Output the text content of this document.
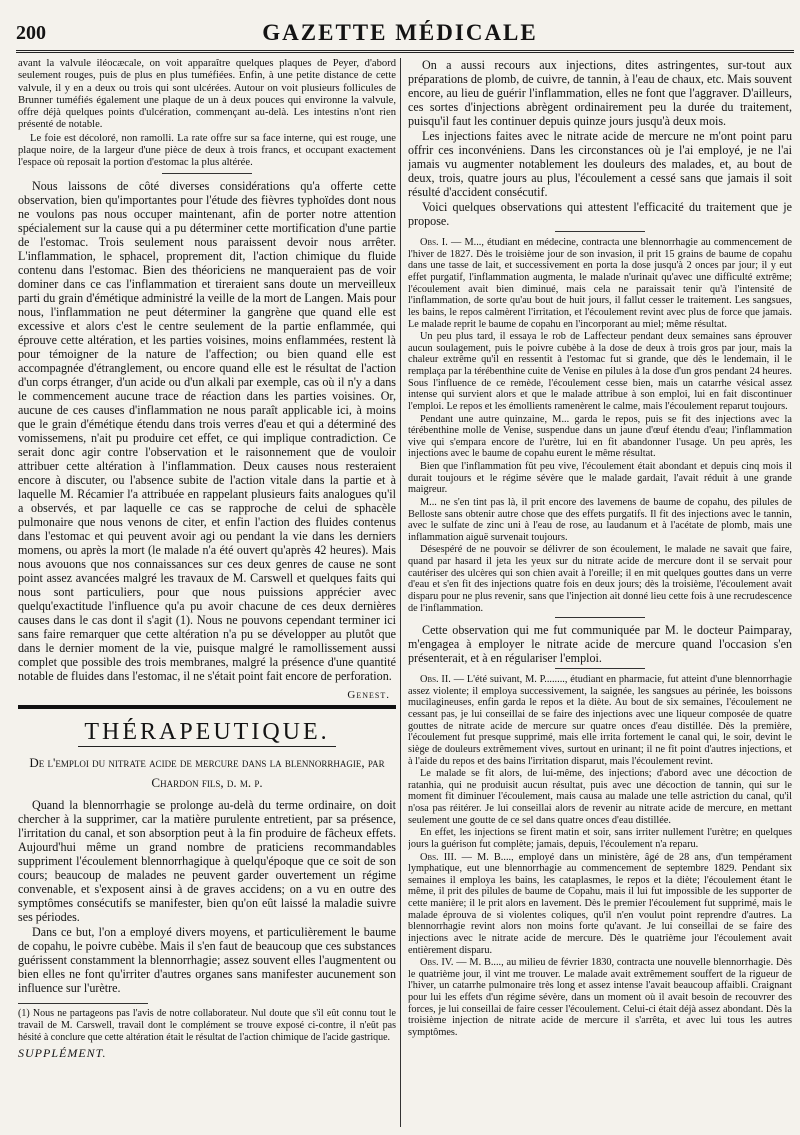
200	GAZETTE MÉDICALE

avant la valvule iléocæcale, on voit apparaître quelques plaques de Peyer, d'abord seulement rouges, puis de plus en plus tuméfiées. Enfin, à une petite distance de cette valvule, il y en a deux ou trois qui sont ulcérées. Autour on voit plusieurs follicules de Brunner tuméfiés également une plaque de un à deux pouces qui environne la valvule, offre déjà quelques points d'ulcération, commençant au-delà. Les intestins n'ont rien présenté de notable.

Le foie est décoloré, non ramolli. La rate offre sur sa face interne, qui est rouge, une plaque noire, de la largeur d'une pièce de deux à trois francs, et occupant exactement l'espace où reposait la portion d'estomac la plus altérée.

Nous laissons de côté diverses considérations qu'a offerte cette observation, bien qu'importantes pour l'étude des fièvres typhoïdes dont nous ne voulons pas nous occuper maintenant, afin de porter notre attention spécialement sur la cause qui a pu déterminer cette mortification d'une partie de l'estomac. Trois seulement nous paraissent devoir nous arrêter. L'inflammation, le sphacel, proprement dit, l'action chimique du fluide contenu dans l'estomac. Bien des théoriciens ne manqueraient pas de voir dominer dans ce cas l'inflammation et tireraient sans doute un merveilleux parti du grain d'émétique administré la veille de la mort de Langen. Mais pour nous, l'inflammation ne peut déterminer la gangrène que quand elle est excessive et alors c'est le centre seulement de la partie enflammée, qui éprouve cette altération, et les parties voisines, moins enflammées, restent là pour témoigner de la nature de l'affection; ou bien quand elle est accompagnée d'étranglement, ou encore quand elle est le résultat de l'action d'un corps étranger, d'un acide ou d'un alkali par exemple, cas où il n'y a dans le commencement aucune trace de réaction dans les parties voisines. Or, aucune de ces causes d'inflammation ne nous paraît applicable ici, à moins que le grain d'émétique étendu dans trois verres d'eau et qui a déterminé des vomissemens, n'ait pu produire cet effet, ce qui implique contradiction. Ce serait donc agir contre l'observation et le raisonnement que de vouloir attribuer cette altération à l'inflammation. Deux causes nous resteraient encore à discuter, ou l'absence subite de l'action vitale dans la partie et à laquelle M. Récamier l'a attribuée en rappelant plusieurs faits analogues qu'il a observés, et par laquelle ce cas se rapproche de celui de sphacèle pulmonaire que nous venons de citer, et enfin l'action des fluides contenus dans l'estomac et qui peuvent avoir agi ou pendant la vie dans les derniers momens, ou après la mort (le malade n'a été ouvert qu'après 42 heures). Mais nous avouons que nos connaissances sur ces deux genres de cause ne sont point assez avancées malgré les travaux de M. Carswell et quelques faits qui nous sont particuliers, pour que nous puissions apprécier avec quelqu'exactitude l'influence qu'a pu avoir chacune de ces deux dernières causes dans le cas dont il s'agit (1). Nous ne pouvons cependant terminer ici sans faire remarquer que cette altération n'a pu se développer au plutôt que dans le dernier moment de la vie, puisque malgré le ramollissement aussi complet que possible des trois membranes, malgré la présence d'une quantité notable de fluides dans l'estomac, il ne s'était point fait encore de perforation.

Genest.
THÉRAPEUTIQUE.
De l'emploi du nitrate acide de mercure dans la blennorrhagie, par Chardon fils, d. m. p.

Quand la blennorrhagie se prolonge au-delà du terme ordinaire, on doit chercher à la supprimer, car la matière purulente entretient, par sa présence, l'irritation du canal, et son absorption peut à la fin produire de fâcheux effets. Aujourd'hui même un grand nombre de praticiens recommandables suppriment l'écoulement blennorrhagique à quelqu'époque que ce soit de son cours; beaucoup de malades ne peuvent garder ouvertement un régime convenable, et s'exposent ainsi à de graves accidens; on a vu en outre des symptômes consécutifs se manifester, bien qu'on eût laissé la maladie suivre ses périodes.

Dans ce but, l'on a employé divers moyens, et particulièrement le baume de copahu, le poivre cubèbe. Mais il s'en faut de beaucoup que ces substances guérissent constamment la blennorrhagie; assez souvent elles l'augmentent ou bien elles ne font qu'irriter d'autres organes sans manifester aucunement son influence sur l'urètre.

(1) Nous ne partageons pas l'avis de notre collaborateur. Nul doute que s'il eût connu tout le travail de M. Carswell, travail dont le complément se trouve exposé ci-contre, il n'eût pas hésité à conclure que cette altération était le résultat de l'action chimique de l'acide gastrique.

SUPPLÉMENT.

On a aussi recours aux injections, dites astringentes, sur-tout aux préparations de plomb, de cuivre, de tannin, à l'eau de chaux, etc. Mais souvent encore, au lieu de guérir l'inflammation, elles ne font que l'aggraver. D'ailleurs, ces sortes d'injections abrègent ordinairement peu la durée du traitement, puisqu'il faut les continuer depuis quinze jours jusqu'à deux mois.

Les injections faites avec le nitrate acide de mercure ne m'ont point paru offrir ces inconvéniens. Dans les circonstances où je l'ai employé, je ne l'ai jamais vu augmenter notablement les douleurs des malades, et, au bout de deux, trois, quatre jours au plus, l'écoulement a cessé sans que jamais il soit résulté d'accident consécutif.

Voici quelques observations qui attestent l'efficacité du traitement que je propose.

Obs. I. — M..., étudiant en médecine, contracta une blennorrhagie au commencement de l'hiver de 1827. Dès le troisième jour de son invasion, il prit 15 grains de baume de copahu dans une tasse de lait, et successivement en porta la dose jusqu'à 2 onces par jour; il y eut effet purgatif, l'inflammation augmenta, le malade n'urinait qu'avec une difficulté extrême; l'écoulement avait bien diminué, mais cela ne paraissait tenir qu'à l'intensité de l'inflammation, de sorte qu'au bout de huit jours, il fallut cesser le traitement. Les sangsues, les bains, le repos calmèrent l'irritation, et l'écoulement revint avec plus de force que jamais. Le malade reprit le baume de copahu en l'incorporant au miel; même résultat.

Un peu plus tard, il essaya le rob de Laffecteur pendant deux semaines sans éprouver aucun soulagement, puis le poivre cubèbe à la dose de deux à trois gros par jour, mais la chaleur extrême qu'il en ressentit à l'estomac fut si grande, que dès le lendemain, il le remplaça par la térébenthine cuite de Venise en pilules à la dose d'un gros pendant 24 heures. Sous l'influence de ce remède, l'écoulement cesse bien, mais un catarrhe vésical assez intense qui survient alors et que le malade attribue à son emploi, lui en fait discontinuer l'emploi. Le repos et les émollients ramenèrent le calme, mais l'écoulement reparut toujours.

Pendant une autre quinzaine, M... garda le repos, puis se fit des injections avec la térébenthine molle de Venise, suspendue dans un jaune d'œuf étendu d'eau; l'inflammation vive qui s'empara encore de l'urètre, lui en fit abandonner l'usage. Un peu après, les injections avec le baume de copahu eurent le même résultat.

Bien que l'inflammation fût peu vive, l'écoulement était abondant et depuis cinq mois il durait toujours et le régime sévère que le malade gardait, l'avait réduit à une grande maigreur.

M... ne s'en tint pas là, il prit encore des lavemens de baume de copahu, des pilules de Belloste sans obtenir autre chose que des effets purgatifs. Il fit des injections avec le tannin, avec le sulfate de zinc uni à l'eau de rose, au laudanum et à l'acétate de plomb, mais une inflammation aiguë survenait toujours.

Désespéré de ne pouvoir se délivrer de son écoulement, le malade ne savait que faire, quand par hasard il jeta les yeux sur du nitrate acide de mercure dont il se servait pour cautériser des ulcères qui son chien avait à l'oreille; il en mit quelques gouttes dans un verre d'eau et s'en fit des injections quatre fois en deux jours; dès la troisième, l'écoulement avait disparu pour ne plus revenir, sans que l'injection ait donné lieu cette fois à une recrudescence de l'inflammation.

Cette observation qui me fut communiquée par M. le docteur Paimparay, m'engagea à employer le nitrate acide de mercure quand l'occasion s'en présenterait, et à en régulariser l'emploi.

Obs. II. — L'été suivant, M. P........, étudiant en pharmacie, fut atteint d'une blennorrhagie assez violente; il employa successivement, la saignée, les sangsues au périnée, les boissons mucilagineuses, enfin garda le repos et la diète. Au bout de six semaines, l'écoulement ne cessant pas, je lui conseillai de se faire des injections avec une liqueur composée de quatre gouttes de nitrate acide de mercure sur quatre onces d'eau distillée. Dès la première, l'écoulement fut presque supprimé, mais elle irrita fortement le canal qui, le soir, devint le siège de douleurs extrêmement vives, surtout en urinant; il ne fit point d'autres injections, et à l'aide du repos et des bains l'irritation disparut, mais l'écoulement revint.

Le malade se fit alors, de lui-même, des injections; d'abord avec une décoction de ratanhia, qui ne produisit aucun résultat, puis avec une décoction de tannin, qui sur le moment fit diminuer l'écoulement, mais causa au malade une telle astriction du canal, qu'il n'osa pas réitérer. Je lui conseillai alors de revenir au nitrate acide de mercure, en mettant seulement une goutte de ce sel dans quatre onces d'eau distillée.

En effet, les injections se firent matin et soir, sans irriter nullement l'urètre; en quelques jours la guérison fut complète; jamais, depuis, l'écoulement n'a reparu.

Obs. III. — M. B...., employé dans un ministère, âgé de 28 ans, d'un tempérament lymphatique, eut une blennorrhagie au commencement de septembre 1829. Pendant six semaines il employa les bains, les cataplasmes, le repos et la diète; l'écoulement étant le même, il prit des pilules de baume de Copahu, mais il lui fut impossible de les supporter de cette manière; il le prit alors en lavement. Dès le premier l'écoulement fut supprimé, mais le malade éprouva de si violentes coliques, qu'il n'en voulut point reprendre d'autres. La blennorrhagie revint alors non moins forte qu'avant. Je lui conseillai de se faire des injections avec le nitrate acide de mercure. Dès le quatrième jour l'écoulement avait entièrement disparu.

Obs. IV. — M. B...., au milieu de février 1830, contracta une nouvelle blennorrhagie. Dès le quatrième jour, il vint me trouver. Le malade avait extrêmement souffert de la rigueur de l'hiver, un catarrhe pulmonaire très long et assez intense l'avait beaucoup affaibli. Craignant pour lui les effets d'un régime sévère, dans un moment où il avait besoin de recouvrer des forces, je lui conseillai de faire cesser l'écoulement. Celui-ci était déjà assez abondant. Dès la troisième injection de nitrate acide de mercure il s'arrêta, et avec lui tous les autres symptômes.
